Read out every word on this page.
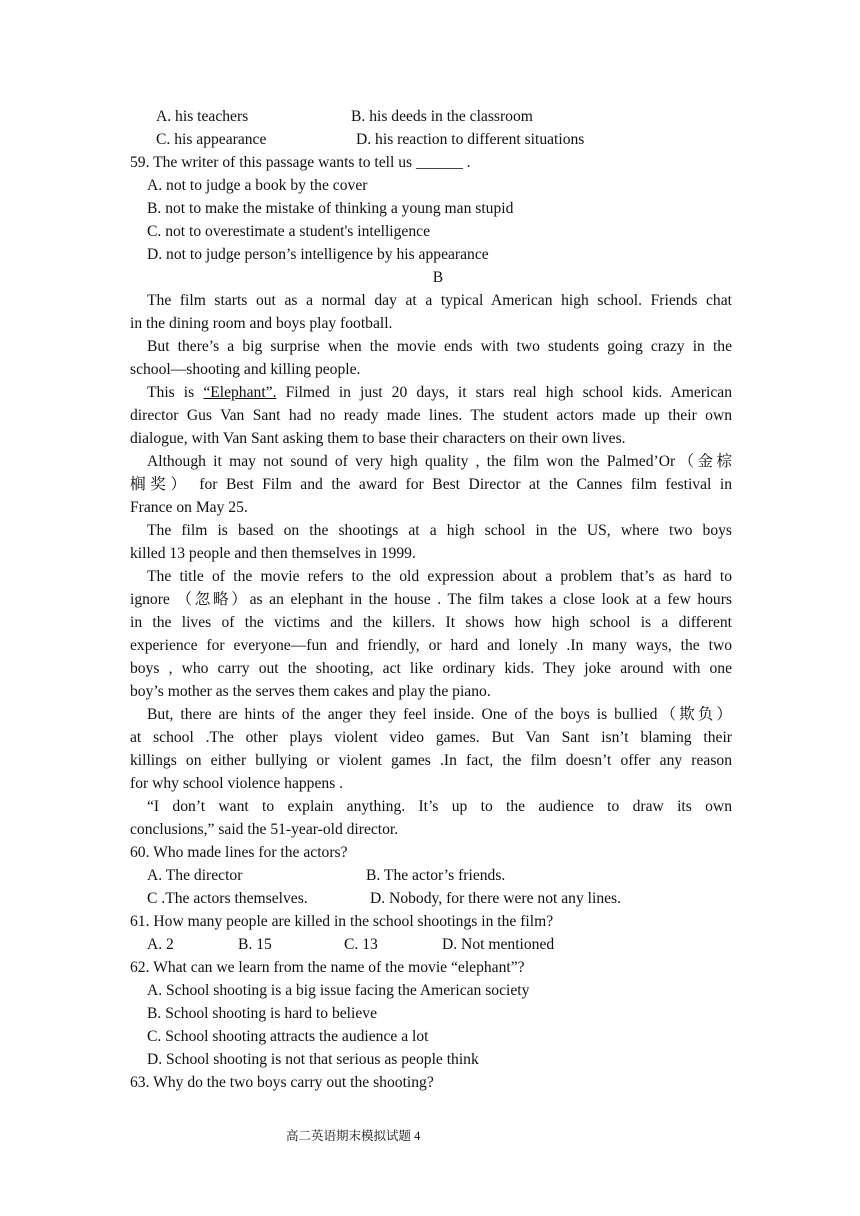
A. his teachers	B. his deeds in the classroom
C. his appearance	D. his reaction to different situations
59. The writer of this passage wants to tell us ______ .
A. not to judge a book by the cover
B. not to make the mistake of thinking a young man stupid
C. not to overestimate a student's intelligence
D. not to judge person’s intelligence by his appearance
B
The film starts out as a normal day at a typical American high school. Friends chat
in the dining room and boys play football.
But there’s a big surprise when the movie ends with two students going crazy in the
school—shooting and killing people.
This is “Elephant”. Filmed in just 20 days, it stars real high school kids. American
director Gus Van Sant had no ready made lines. The student actors made up their own
dialogue, with Van Sant asking them to base their characters on their own lives.
Although it may not sound of very high quality , the film won the Palmed’Or（金棕
榈奖） for Best Film and the award for Best Director at the Cannes film festival in
France on May 25.
The film is based on the shootings at a high school in the US, where two boys
killed 13 people and then themselves in 1999.
The title of the movie refers to the old expression about a problem that’s as hard to
ignore （忽略）as an elephant in the house . The film takes a close look at a few hours
in the lives of the victims and the killers. It shows how high school is a different
experience for everyone—fun and friendly, or hard and lonely .In many ways, the two
boys , who carry out the shooting, act like ordinary kids. They joke around with one
boy’s mother as the serves them cakes and play the piano.
But, there are hints of the anger they feel inside. One of the boys is bullied（欺负）
at school .The other plays violent video games. But Van Sant isn’t blaming their
killings on either bullying or violent games .In fact, the film doesn’t offer any reason
for why school violence happens .
“I don’t want to explain anything. It’s up to the audience to draw its own
conclusions,” said the 51-year-old director.
60. Who made lines for the actors?
A. The director	B. The actor’s friends.
C .The actors themselves.	D. Nobody, for there were not any lines.
61. How many people are killed in the school shootings in the film?
A. 2	B. 15	C. 13	D. Not mentioned
62. What can we learn from the name of the movie “elephant”?
A. School shooting is a big issue facing the American society
B. School shooting is hard to believe
C. School shooting attracts the audience a lot
D. School shooting is not that serious as people think
63. Why do the two boys carry out the shooting?
高二英语期末模拟试题 4
